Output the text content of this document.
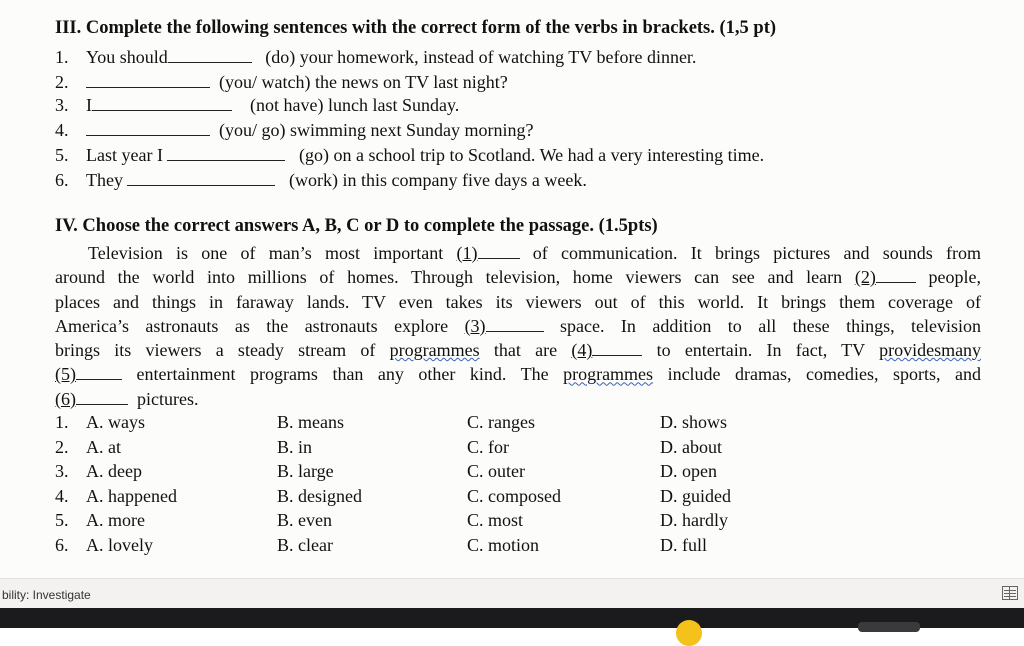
III. Complete the following sentences with the correct form of the verbs in brackets. (1,5 pt)
1. You should	(do) your homework, instead of watching TV before dinner.
2.	(you/ watch) the news on TV last night?
3. I	(not have) lunch last Sunday.
4.	(you/ go) swimming next Sunday morning?
5. Last year I	(go) on a school trip to Scotland. We had a very interesting time.
6. They	(work) in this company five days a week.
IV. Choose the correct answers A, B, C or D to complete the passage. (1.5pts)
Television is one of man’s most important (1)	of communication. It brings pictures and sounds from
around the world into millions of homes. Through television, home viewers can see and learn (2)	people,
places and things in faraway lands. TV even takes its viewers out of this world. It brings them coverage of
America’s astronauts as the astronauts explore (3)	space. In addition to all these things, television
brings its viewers a steady stream of programmes that are (4)	to entertain. In fact, TV providesmany
(5)	entertainment programs than any other kind. The programmes include dramas, comedies, sports, and
(6)	pictures.
1. A. ways	B. means	C. ranges	D. shows
2. A. at	B. in	C. for	D. about
3. A. deep	B. large	C. outer	D. open
4. A. happened	B. designed	C. composed	D. guided
5. A. more	B. even	C. most	D. hardly
6. A. lovely	B. clear	C. motion	D. full
bility: Investigate
